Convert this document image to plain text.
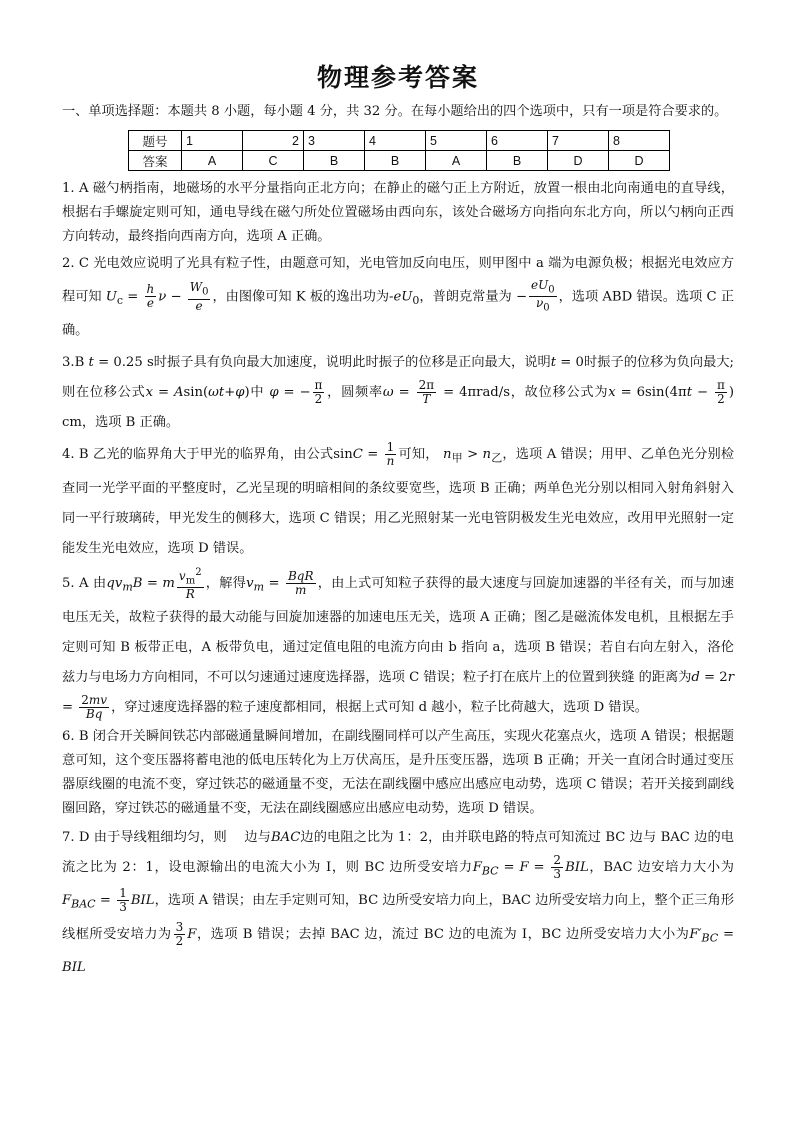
物理参考答案

一、单项选择题：本题共 8 小题，每小题 4 分，共 32 分。在每小题给出的四个选项中，只有一项是符合要求的。

题号	1	2	3	4	5	6	7	8
答案	A	C	B	B	A	B	D	D

1. A 磁勺柄指南，地磁场的水平分量指向正北方向；在静止的磁勺正上方附近，放置一根由北向南通电的直导线，根据右手螺旋定则可知，通电导线在磁勺所处位置磁场由西向东，该处合磁场方向指向东北方向，所以勺柄向正西方向转动，最终指向西南方向，选项 A 正确。

2. C 光电效应说明了光具有粒子性，由题意可知，光电管加反向电压，则甲图中 a 端为电源负极；根据光电效应方程可知 $U_c = \frac{h}{e}$ $\nu - \frac{W_0}{e}$ ，由图像可知 K 板的逸出功为$-eU_0$，普朗克常量为 − $\frac{eU_0}{\nu_0}$ ，选项 ABD 错误。选项 C 正确。

3.B t = 0.25 s时振子具有负向最大加速度，说明此时振子的位移是正向最大，说明t = 0时振子的位移为负向最大;则在位移公式x = Asin(ωt+φ)中 φ = − $\frac{\pi}{2}$ ，圆频率$\omega = \frac{2\pi}{T} = 4\pi rad/s$，故位移公式为$x = 6\sin(4\pi t - \frac{\pi}{2}$ ) cm，选项 B 正确。

4. B 乙光的临界角大于甲光的临界角，由公式$\sin C = \frac{1}{n}$ 可知， $n_甲 > n_乙$，选项 A 错误；用甲、乙单色光分别检查同一光学平面的平整度时，乙光呈现的明暗相间的条纹要宽些，选项 B 正确；两单色光分别以相同入射角斜射入同一平行玻璃砖，甲光发生的侧移大，选项 C 错误；用乙光照射某一光电管阴极发生光电效应，改用甲光照射一定能发生光电效应，选项 D 错误。

5. A 由$qv_mB = m \frac{v_m^2}{R}$ ，解得$v_m = \frac{\text{BqR}}{m}$ ，由上式可知粒子获得的最大速度与回旋加速器的半径有关，而与加速电压无关，故粒子获得的最大动能与回旋加速器的加速电压无关，选项 A 正确；图乙是磁流体发电机，且根据左手定则可知 B 板带正电，A 板带负电，通过定值电阻的电流方向由 b 指向 a，选项 B 错误；若自右向左射入，洛伦兹力与电场力方向相同，不可以匀速通过速度选择器，选项 C 错误；粒子打在底片上的位置到狭缝 的距离为$d = 2r = \frac{2mv}{Bq}$ ，穿过速度选择器的粒子速度都相同，根据上式可知 d 越小，粒子比荷越大，选项 D 错误。

6. B 闭合开关瞬间铁芯内部磁通量瞬间增加，在副线圈同样可以产生高压，实现火花塞点火，选项 A 错误；根据题意可知，这个变压器将蓄电池的低电压转化为上万伏高压，是升压变压器，选项 B 正确；开关一直闭合时通过变压器原线圈的电流不变，穿过铁芯的磁通量不变，无法在副线圈中感应出感应电动势，选项 C 错误；若开关接到副线圈回路，穿过铁芯的磁通量不变，无法在副线圈感应出感应电动势，选项 D 错误。

7. D 由于导线粗细均匀，则　 边与BAC边的电阻之比为 1：2，由并联电路的特点可知流过 BC 边与 BAC 边的电流之比为 2：1，设电源输出的电流大小为 I，则 BC 边所受安培力$F_{BC} = F = \frac{2}{3}$ BIL，BAC 边安培力大小为$F_{BAC} = \frac{1}{3}$ BIL，选项 A 错误；由左手定则可知，BC 边所受安培力向上，BAC 边所受安培力向上，整个正三角形线框所受安培力为 $\frac{3}{2}$ F，选项 B 错误；去掉 BAC 边，流过 BC 边的电流为 I，BC 边所受安培力大小为$F'_{BC}$ = BIL
